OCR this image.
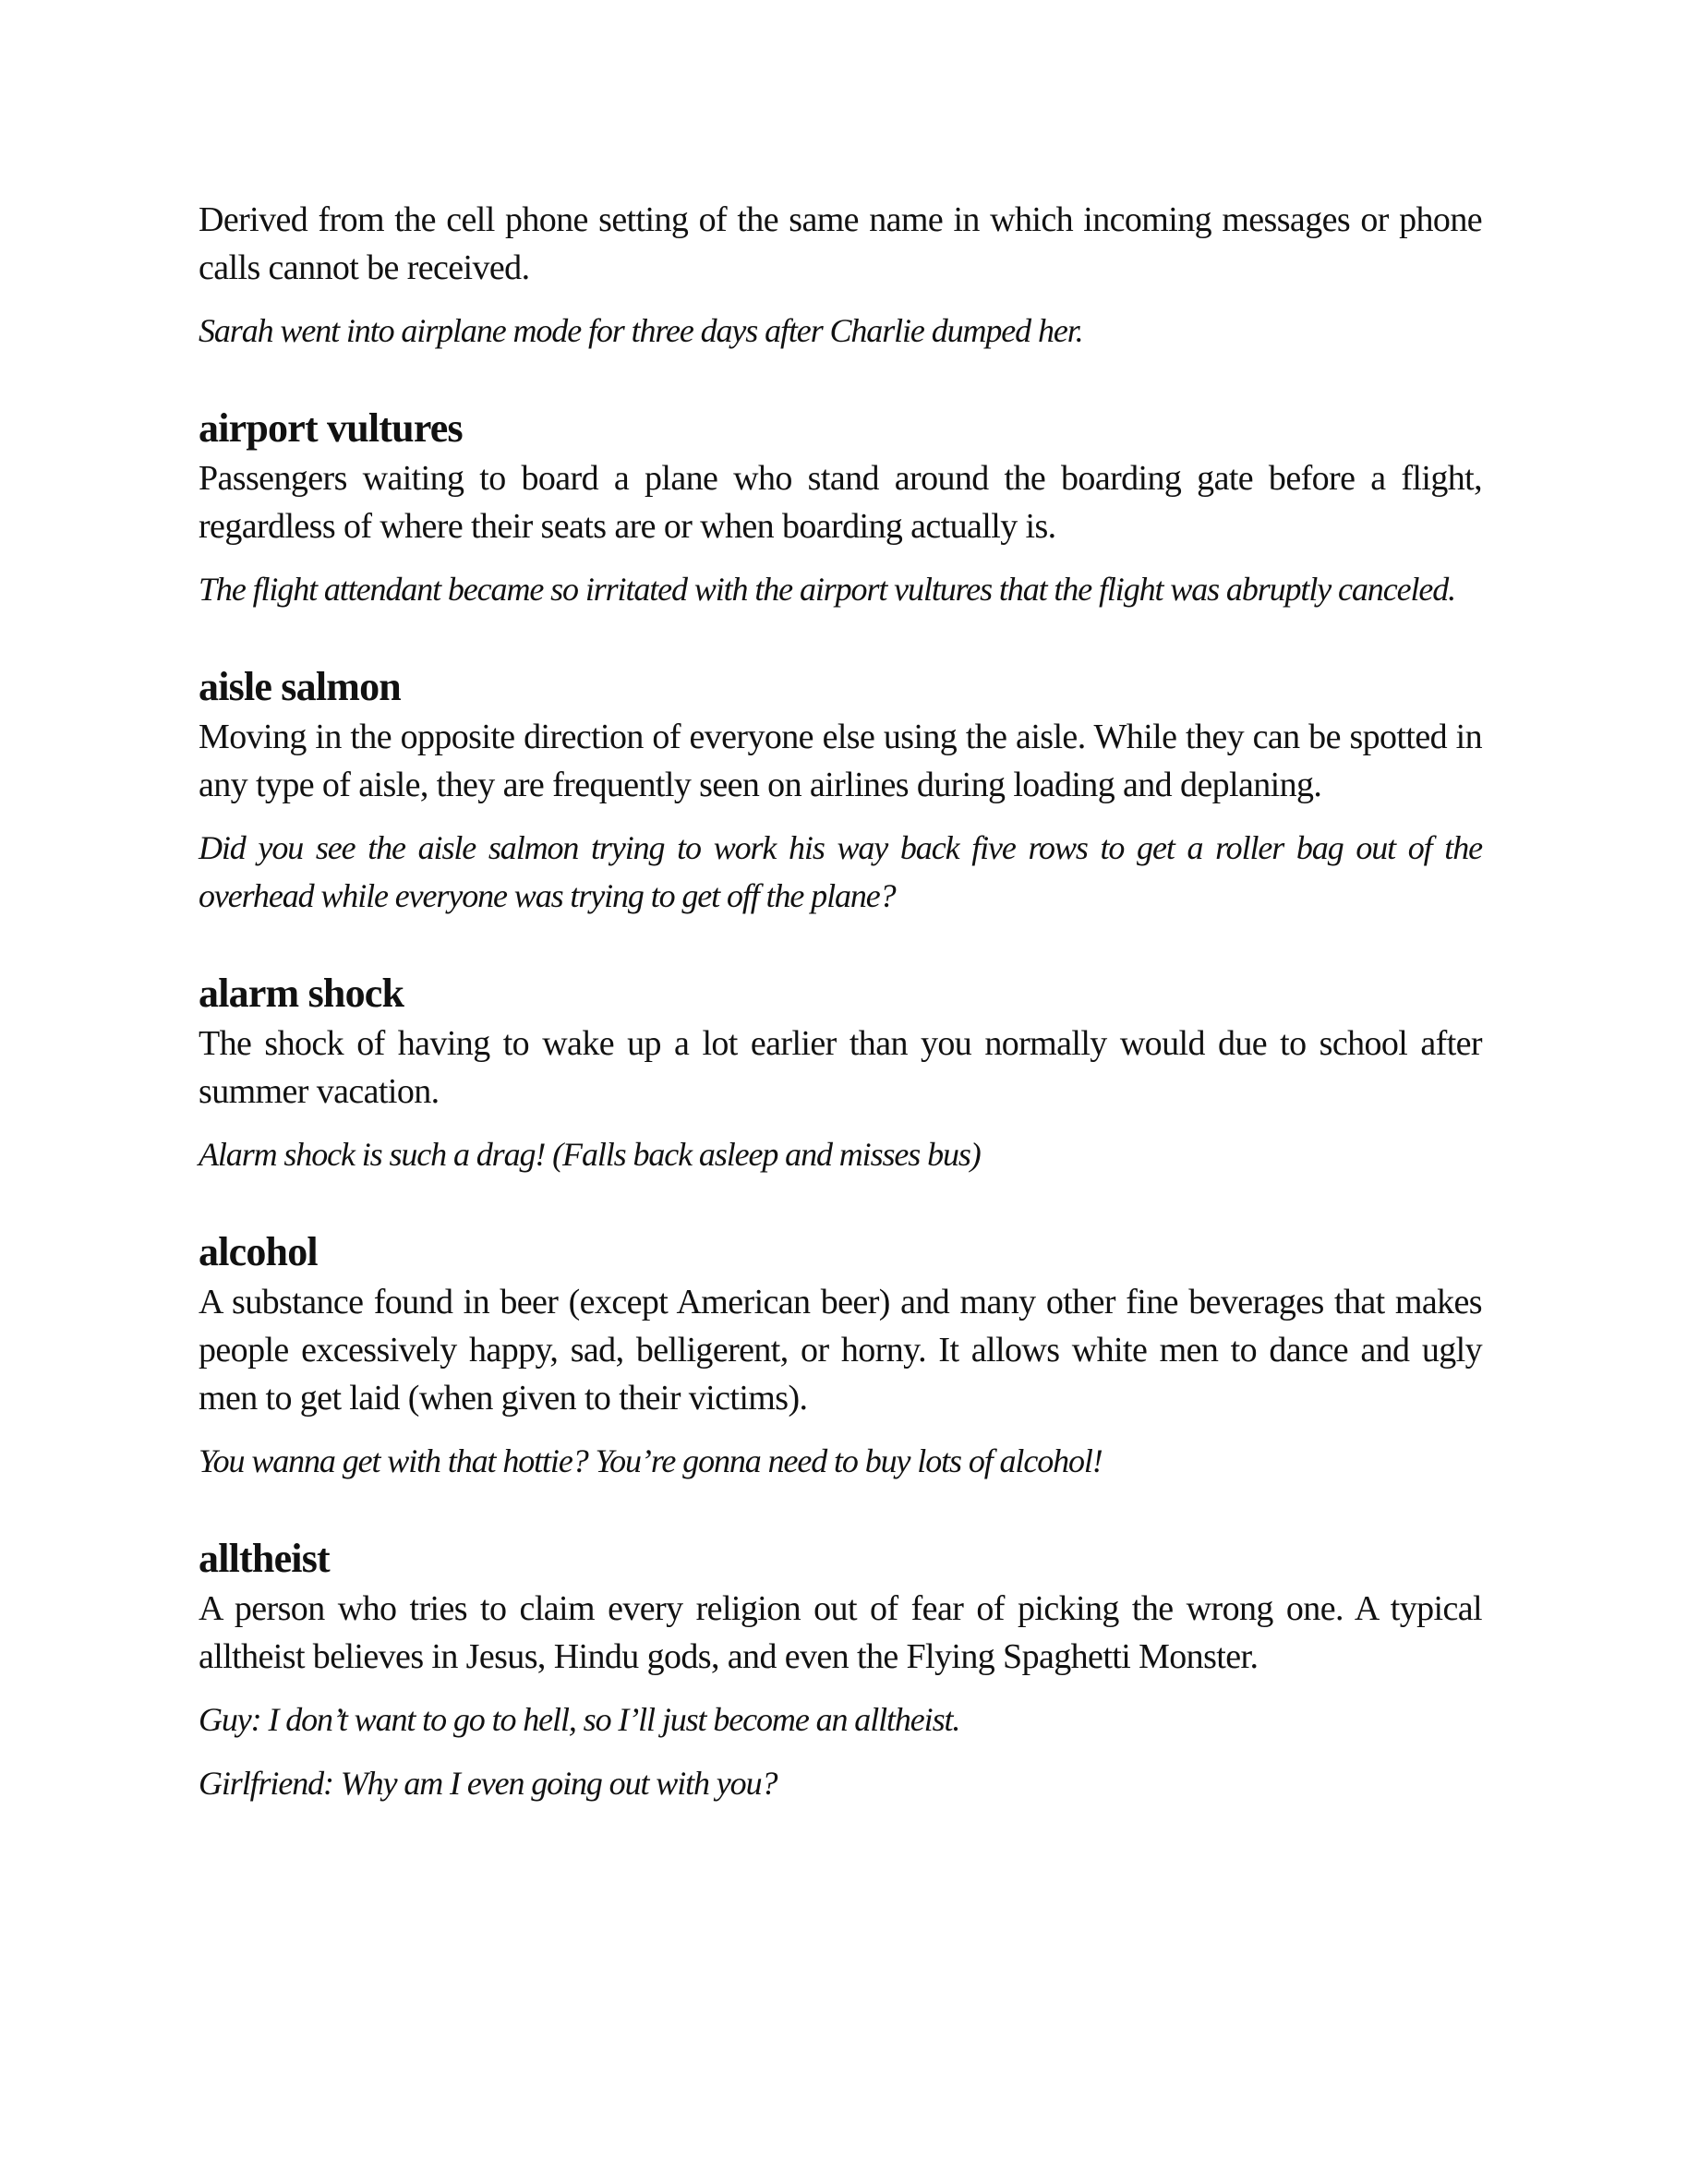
Derived from the cell phone setting of the same name in which incoming messages or phone calls cannot be received.

Sarah went into airplane mode for three days after Charlie dumped her.

airport vultures

Passengers waiting to board a plane who stand around the boarding gate before a flight, regardless of where their seats are or when boarding actually is.

The flight attendant became so irritated with the airport vultures that the flight was abruptly canceled.

aisle salmon

Moving in the opposite direction of everyone else using the aisle. While they can be spotted in any type of aisle, they are frequently seen on airlines during loading and deplaning.

Did you see the aisle salmon trying to work his way back five rows to get a roller bag out of the overhead while everyone was trying to get off the plane?

alarm shock

The shock of having to wake up a lot earlier than you normally would due to school after summer vacation.

Alarm shock is such a drag! (Falls back asleep and misses bus)

alcohol

A substance found in beer (except American beer) and many other fine beverages that makes people excessively happy, sad, belligerent, or horny. It allows white men to dance and ugly men to get laid (when given to their victims).

You wanna get with that hottie? You’re gonna need to buy lots of alcohol!

alltheist

A person who tries to claim every religion out of fear of picking the wrong one. A typical alltheist believes in Jesus, Hindu gods, and even the Flying Spaghetti Monster.

Guy: I don’t want to go to hell, so I’ll just become an alltheist.

Girlfriend: Why am I even going out with you?
